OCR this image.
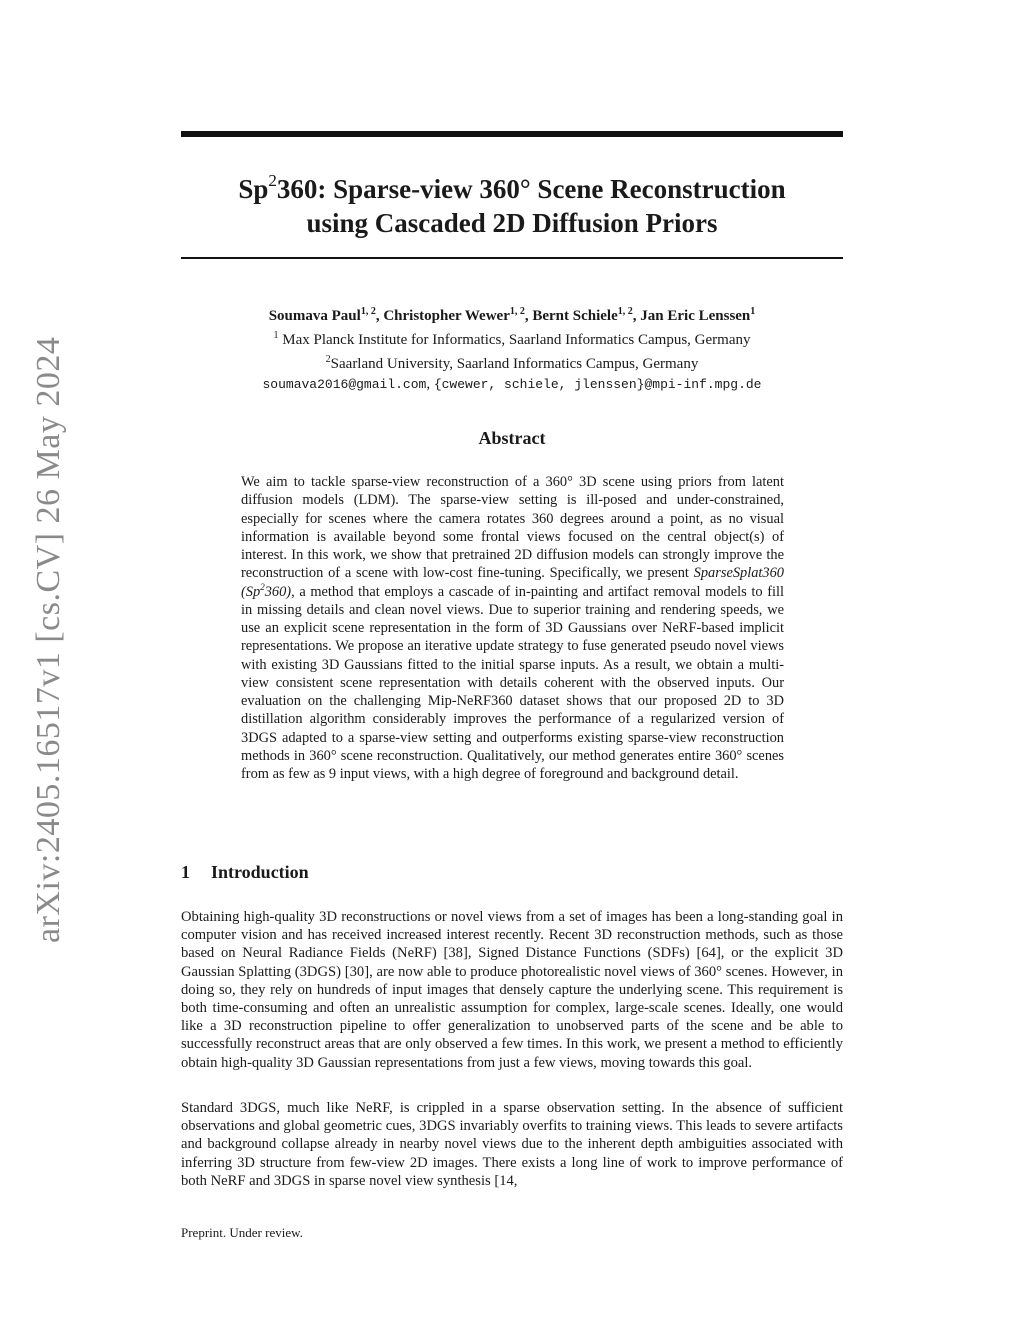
arXiv:2405.16517v1 [cs.CV] 26 May 2024
Sp$^2$360: Sparse-view 360° Scene Reconstruction
using Cascaded 2D Diffusion Priors
Soumava Paul$^{1, 2}$, Christopher Wewer$^{1, 2}$, Bernt Schiele$^{1, 2}$, Jan Eric Lenssen$^1$
$^1$ Max Planck Institute for Informatics, Saarland Informatics Campus, Germany
$^2$Saarland University, Saarland Informatics Campus, Germany
soumava2016@gmail.com, {cwewer, schiele, jlenssen}@mpi-inf.mpg.de
Abstract

We aim to tackle sparse-view reconstruction of a 360° 3D scene using priors from latent diffusion models (LDM). The sparse-view setting is ill-posed and under-constrained, especially for scenes where the camera rotates 360 degrees around a point, as no visual information is available beyond some frontal views focused on the central object(s) of interest. In this work, we show that pretrained 2D diffusion models can strongly improve the reconstruction of a scene with low-cost fine-tuning. Specifically, we present SparseSplat360 (Sp$^2$360), a method that employs a cascade of in-painting and artifact removal models to fill in missing details and clean novel views. Due to superior training and rendering speeds, we use an explicit scene representation in the form of 3D Gaussians over NeRF-based implicit representations. We propose an iterative update strategy to fuse generated pseudo novel views with existing 3D Gaussians fitted to the initial sparse inputs. As a result, we obtain a multi-view consistent scene representation with details coherent with the observed inputs. Our evaluation on the challenging Mip-NeRF360 dataset shows that our proposed 2D to 3D distillation algorithm considerably improves the performance of a regularized version of 3DGS adapted to a sparse-view setting and outperforms existing sparse-view reconstruction methods in 360° scene reconstruction. Qualitatively, our method generates entire 360° scenes from as few as 9 input views, with a high degree of foreground and background detail.

1 Introduction

Obtaining high-quality 3D reconstructions or novel views from a set of images has been a long-standing goal in computer vision and has received increased interest recently. Recent 3D reconstruction methods, such as those based on Neural Radiance Fields (NeRF) [38], Signed Distance Functions (SDFs) [64], or the explicit 3D Gaussian Splatting (3DGS) [30], are now able to produce photorealistic novel views of 360° scenes. However, in doing so, they rely on hundreds of input images that densely capture the underlying scene. This requirement is both time-consuming and often an unrealistic assumption for complex, large-scale scenes. Ideally, one would like a 3D reconstruction pipeline to offer generalization to unobserved parts of the scene and be able to successfully reconstruct areas that are only observed a few times. In this work, we present a method to efficiently obtain high-quality 3D Gaussian representations from just a few views, moving towards this goal.

Standard 3DGS, much like NeRF, is crippled in a sparse observation setting. In the absence of sufficient observations and global geometric cues, 3DGS invariably overfits to training views. This leads to severe artifacts and background collapse already in nearby novel views due to the inherent depth ambiguities associated with inferring 3D structure from few-view 2D images. There exists a long line of work to improve performance of both NeRF and 3DGS in sparse novel view synthesis [14,

Preprint. Under review.
